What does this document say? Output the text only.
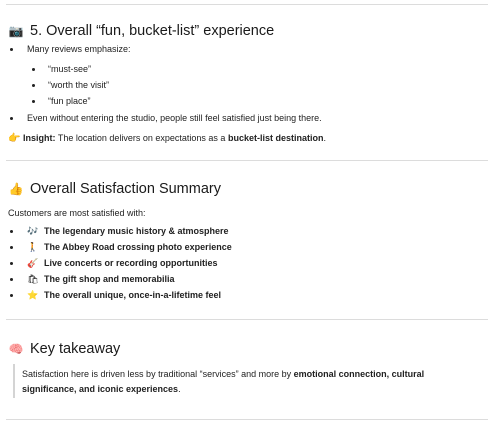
📷 5. Overall “fun, bucket-list” experience
Many reviews emphasize:
“must-see”
“worth the visit”
“fun place”
Even without entering the studio, people still feel satisfied just being there.
👉 Insight: The location delivers on expectations as a bucket-list destination.
👍 Overall Satisfaction Summary
Customers are most satisfied with:
🎶 The legendary music history & atmosphere
🚶 The Abbey Road crossing photo experience
🎸 Live concerts or recording opportunities
🛍 The gift shop and memorabilia
⭐ The overall unique, once-in-a-lifetime feel
🧠 Key takeaway
Satisfaction here is driven less by traditional “services” and more by emotional connection, cultural significance, and iconic experiences.
